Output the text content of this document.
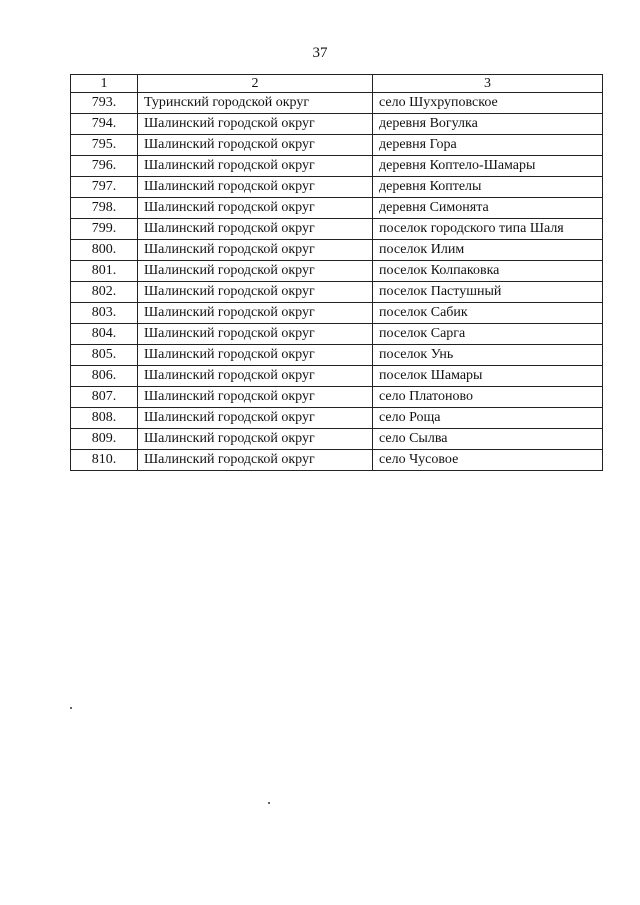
37
1	2	3
793.	Туринский городской округ	село Шухруповское
794.	Шалинский городской округ	деревня Вогулка
795.	Шалинский городской округ	деревня Гора
796.	Шалинский городской округ	деревня Коптело-Шамары
797.	Шалинский городской округ	деревня Коптелы
798.	Шалинский городской округ	деревня Симонята
799.	Шалинский городской округ	поселок городского типа Шаля
800.	Шалинский городской округ	поселок Илим
801.	Шалинский городской округ	поселок Колпаковка
802.	Шалинский городской округ	поселок Пастушный
803.	Шалинский городской округ	поселок Сабик
804.	Шалинский городской округ	поселок Сарга
805.	Шалинский городской округ	поселок Унь
806.	Шалинский городской округ	поселок Шамары
807.	Шалинский городской округ	село Платоново
808.	Шалинский городской округ	село Роща
809.	Шалинский городской округ	село Сылва
810.	Шалинский городской округ	село Чусовое
